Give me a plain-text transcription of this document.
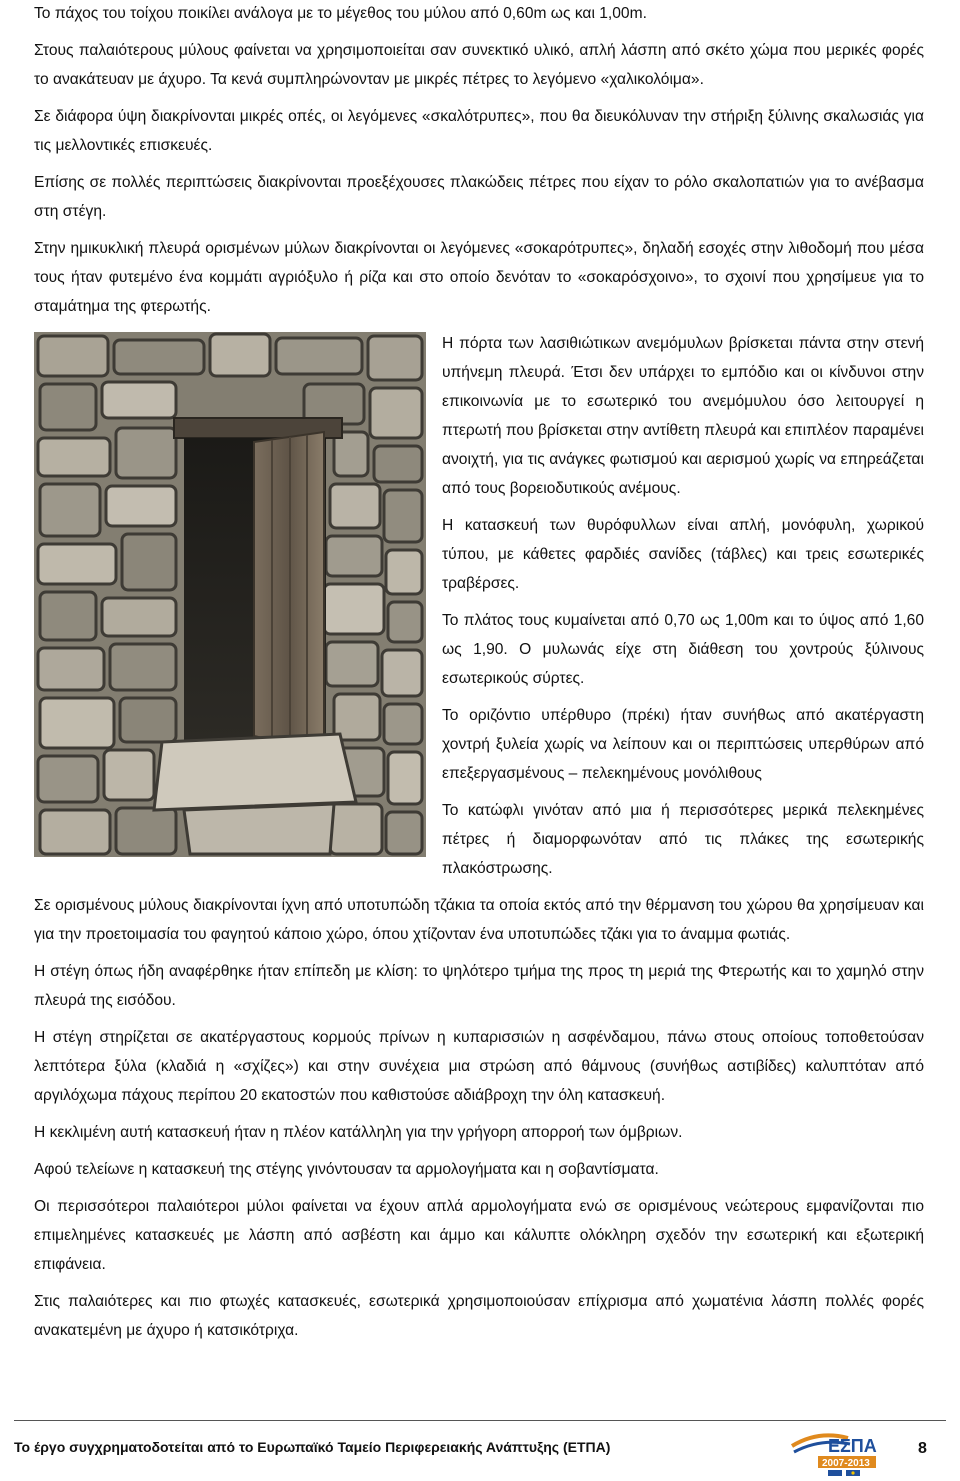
Το πάχος του τοίχου ποικίλει ανάλογα με το μέγεθος του μύλου από 0,60m ως και 1,00m.

Στους παλαιότερους μύλους φαίνεται να χρησιμοποιείται σαν συνεκτικό υλικό, απλή λάσπη από σκέτο χώμα που μερικές φορές το ανακάτευαν με άχυρο. Τα κενά συμπληρώνονταν με μικρές πέτρες το λεγόμενο «χαλικολόιμα».

Σε διάφορα ύψη διακρίνονται μικρές οπές, οι λεγόμενες «σκαλότρυπες», που θα διευκόλυναν την στήριξη ξύλινης σκαλωσιάς για τις μελλοντικές επισκευές.

Επίσης σε πολλές περιπτώσεις διακρίνονται προεξέχουσες πλακώδεις πέτρες που είχαν το ρόλο σκαλοπατιών για το ανέβασμα στη στέγη.

Στην ημικυκλική πλευρά ορισμένων μύλων διακρίνονται οι λεγόμενες «σοκαρότρυπες», δηλαδή εσοχές στην λιθοδομή που μέσα τους ήταν φυτεμένο ένα κομμάτι αγριόξυλο ή ρίζα και στο οποίο δενόταν το «σοκαρόσχοινο», το σχοινί που χρησίμευε για το σταμάτημα της φτερωτής.

Η πόρτα των λασιθιώτικων ανεμόμυλων βρίσκεται πάντα στην στενή υπήνεμη πλευρά. Έτσι δεν υπάρχει το εμπόδιο και οι κίνδυνοι στην επικοινωνία με το εσωτερικό του ανεμόμυλου όσο λειτουργεί η πτερωτή που βρίσκεται στην αντίθετη πλευρά και επιπλέον παραμένει ανοιχτή, για τις ανάγκες φωτισμού και αερισμού χωρίς να επηρεάζεται από τους βορειοδυτικούς ανέμους.

Η κατασκευή των θυρόφυλλων είναι απλή, μονόφυλη, χωρικού τύπου, με κάθετες φαρδιές σανίδες (τάβλες) και τρεις εσωτερικές τραβέρσες.

Το πλάτος τους κυμαίνεται από 0,70 ως 1,00m και το ύψος από 1,60 ως 1,90. Ο μυλωνάς είχε στη διάθεση του χοντρούς ξύλινους εσωτερικούς σύρτες.

Το οριζόντιο υπέρθυρο (πρέκι) ήταν συνήθως από ακατέργαστη χοντρή ξυλεία χωρίς να λείπουν και οι περιπτώσεις υπερθύρων από επεξεργασμένους – πελεκημένους μονόλιθους

Το κατώφλι γινόταν από μια ή περισσότερες μερικά πελεκημένες πέτρες ή διαμορφωνόταν από τις πλάκες της εσωτερικής πλακόστρωσης.

Σε ορισμένους μύλους διακρίνονται ίχνη από υποτυπώδη τζάκια τα οποία εκτός από την θέρμανση του χώρου θα χρησίμευαν και για την προετοιμασία του φαγητού κάποιο χώρο, όπου χτίζονταν ένα υποτυπώδες τζάκι για το άναμμα φωτιάς.

Η στέγη όπως ήδη αναφέρθηκε ήταν επίπεδη με κλίση: το ψηλότερο τμήμα της προς τη μεριά της Φτερωτής και το χαμηλό στην πλευρά της εισόδου.

Η στέγη στηρίζεται σε ακατέργαστους κορμούς πρίνων η κυπαρισσιών η ασφένδαμου, πάνω στους οποίους τοποθετούσαν λεπτότερα ξύλα (κλαδιά η «σχίζες») και στην συνέχεια μια στρώση από θάμνους (συνήθως αστιβίδες) καλυπτόταν από αργιλόχωμα πάχους περίπου 20 εκατοστών που καθιστούσε αδιάβροχη την όλη κατασκευή.

Η κεκλιμένη αυτή κατασκευή ήταν η πλέον κατάλληλη για την γρήγορη απορροή των όμβριων.

Αφού τελείωνε η κατασκευή της στέγης γινόντουσαν τα αρμολογήματα και η σοβαντίσματα.

Οι περισσότεροι παλαιότεροι μύλοι φαίνεται να έχουν απλά αρμολογήματα ενώ σε ορισμένους νεώτερους εμφανίζονται πιο επιμελημένες κατασκευές με λάσπη από ασβέστη και άμμο και κάλυπτε ολόκληρη σχεδόν την εσωτερική και εξωτερική επιφάνεια.

Στις παλαιότερες και πιο φτωχές κατασκευές, εσωτερικά χρησιμοποιούσαν επίχρισμα από χωματένια λάσπη πολλές φορές ανακατεμένη με άχυρο ή κατσικότριχα.

Το έργο συγχρηματοδοτείται από το Ευρωπαϊκό Ταμείο Περιφερειακής Ανάπτυξης (ΕΤΠΑ)	ΕΣΠΑ
2007-2013
8
